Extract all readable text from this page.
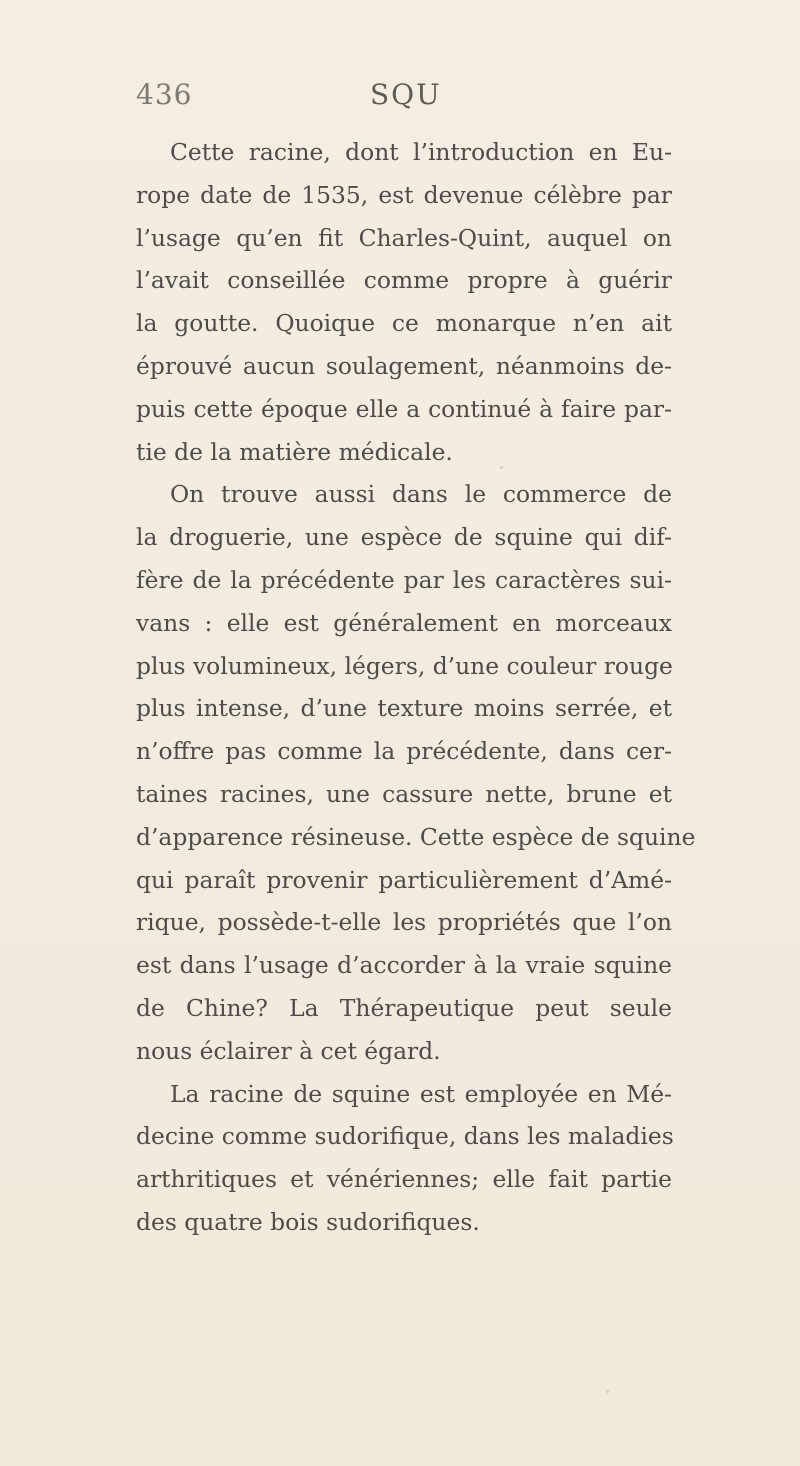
436	SQU
Cette racine, dont l’introduction en Eu-
rope date de 1535, est devenue célèbre par
l’usage qu’en fit Charles-Quint, auquel on
l’avait conseillée comme propre à guérir
la goutte. Quoique ce monarque n’en ait
éprouvé aucun soulagement, néanmoins de-
puis cette époque elle a continué à faire par-
tie de la matière médicale.
On trouve aussi dans le commerce de
la droguerie, une espèce de squine qui dif-
fère de la précédente par les caractères sui-
vans : elle est généralement en morceaux
plus volumineux, légers, d’une couleur rouge
plus intense, d’une texture moins serrée, et
n’offre pas comme la précédente, dans cer-
taines racines, une cassure nette, brune et
d’apparence résineuse. Cette espèce de squine
qui paraît provenir particulièrement d’Amé-
rique, possède-t-elle les propriétés que l’on
est dans l’usage d’accorder à la vraie squine
de Chine? La Thérapeutique peut seule
nous éclairer à cet égard.
La racine de squine est employée en Mé-
decine comme sudorifique, dans les maladies
arthritiques et vénériennes; elle fait partie
des quatre bois sudorifiques.
